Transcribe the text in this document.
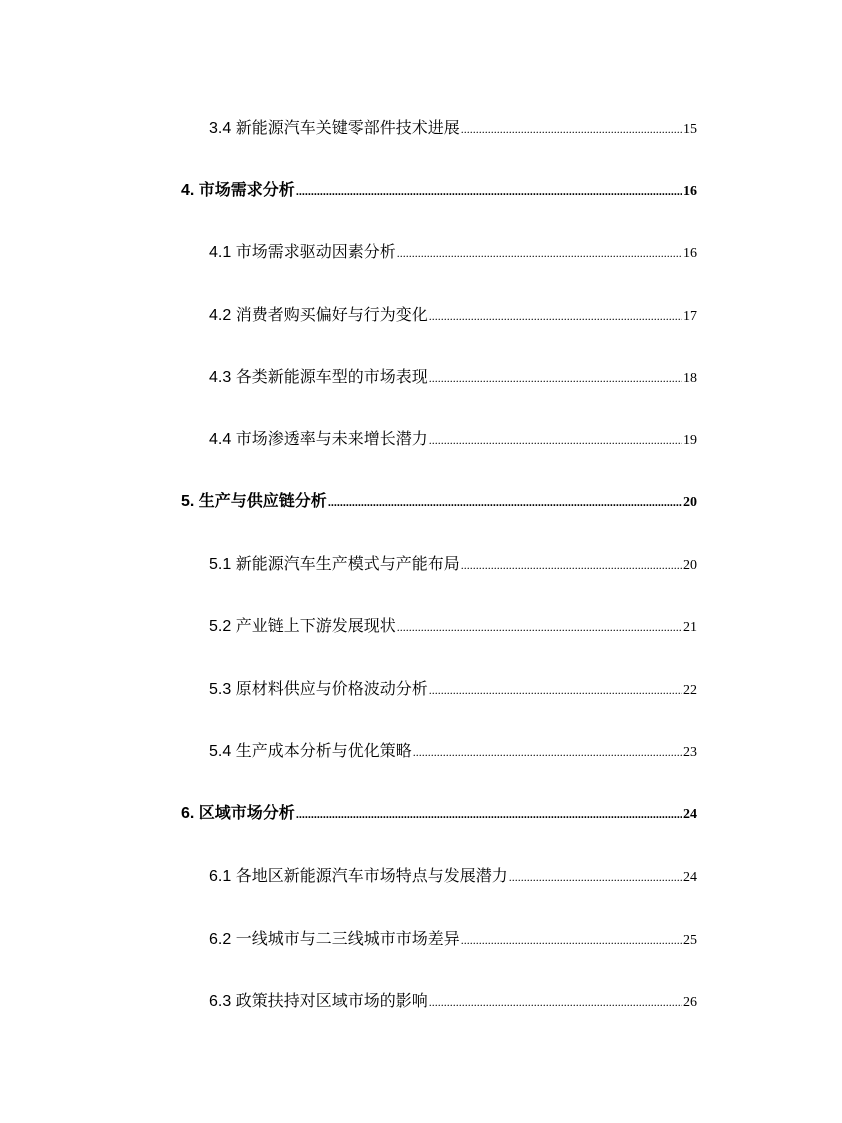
3.4 新能源汽车关键零部件技术进展 .....	15
4. 市场需求分析 .....	16
4.1 市场需求驱动因素分析 .....	16
4.2 消费者购买偏好与行为变化 .....	17
4.3 各类新能源车型的市场表现 .....	18
4.4 市场渗透率与未来增长潜力 .....	19
5. 生产与供应链分析 .....	20
5.1 新能源汽车生产模式与产能布局 .....	20
5.2 产业链上下游发展现状 .....	21
5.3 原材料供应与价格波动分析 .....	22
5.4 生产成本分析与优化策略 .....	23
6. 区域市场分析 .....	24
6.1 各地区新能源汽车市场特点与发展潜力 .....	24
6.2 一线城市与二三线城市市场差异 .....	25
6.3 政策扶持对区域市场的影响 .....	26
